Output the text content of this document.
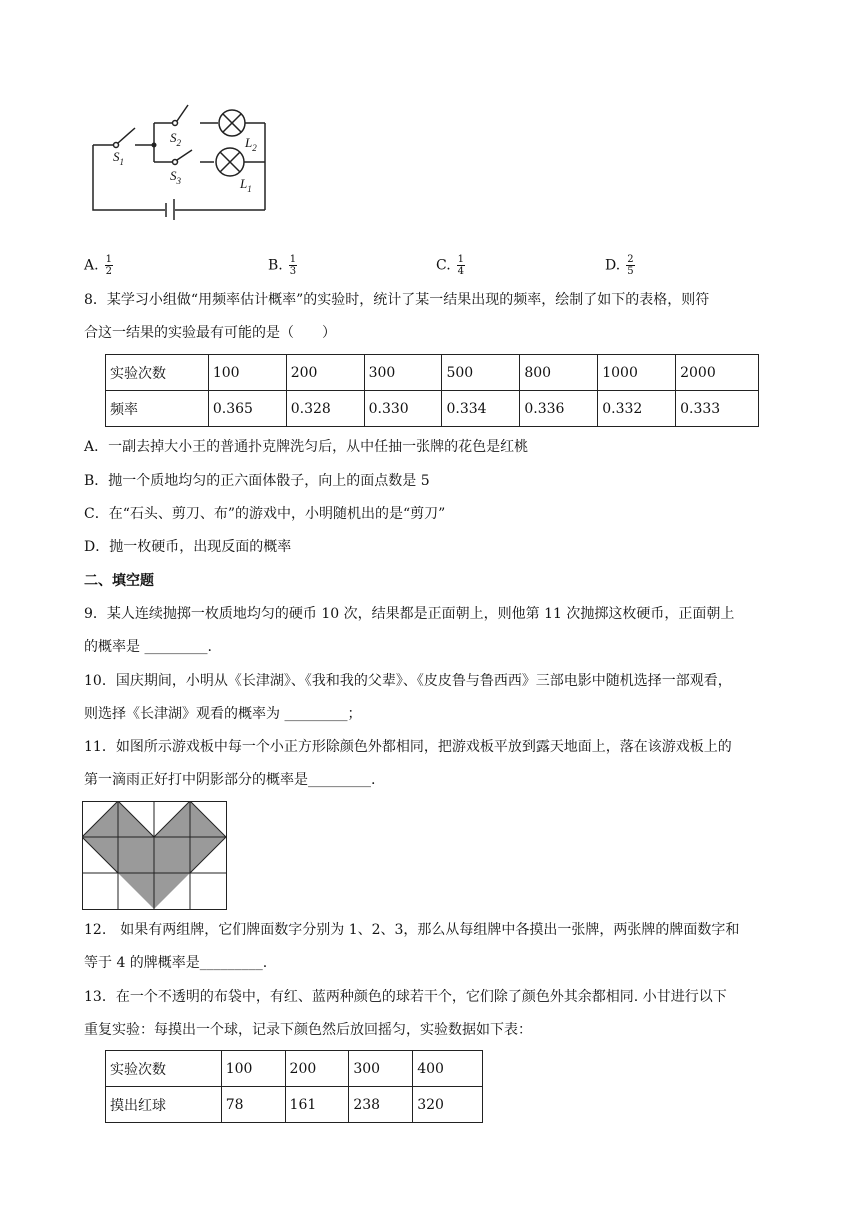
$S_1$
$S_2$
$S_3$
$L_2$
$L_1$
A. $\frac{1}{2}$	B. $\frac{1}{3}$	C. $\frac{1}{4}$	D. $\frac{2}{5}$
8．某学习小组做“用频率估计概率”的实验时，统计了某一结果出现的频率，绘制了如下的表格，则符
合这一结果的实验最有可能的是（　　）
实验次数	100	200	300	500	800	1000	2000
频率	0.365	0.328	0.330	0.334	0.336	0.332	0.333
A．一副去掉大小王的普通扑克牌洗匀后，从中任抽一张牌的花色是红桃
B．抛一个质地均匀的正六面体骰子，向上的面点数是 5
C．在“石头、剪刀、布”的游戏中，小明随机出的是“剪刀”
D．抛一枚硬币，出现反面的概率
二、填空题
9．某人连续抛掷一枚质地均匀的硬币 10 次，结果都是正面朝上，则他第 11 次抛掷这枚硬币，正面朝上
的概率是 _________.
10．国庆期间，小明从《长津湖》、《我和我的父辈》、《皮皮鲁与鲁西西》三部电影中随机选择一部观看，
则选择《长津湖》观看的概率为 _________；
11．如图所示游戏板中每一个小正方形除颜色外都相同，把游戏板平放到露天地面上，落在该游戏板上的
第一滴雨正好打中阴影部分的概率是_________.
12.　如果有两组牌，它们牌面数字分别为 1、2、3，那么从每组牌中各摸出一张牌，两张牌的牌面数字和
等于 4 的牌概率是_________.
13．在一个不透明的布袋中，有红、蓝两种颜色的球若干个，它们除了颜色外其余都相同. 小甘进行以下
重复实验：每摸出一个球，记录下颜色然后放回摇匀，实验数据如下表：
实验次数	100	200	300	400
摸出红球	78	161	238	320
